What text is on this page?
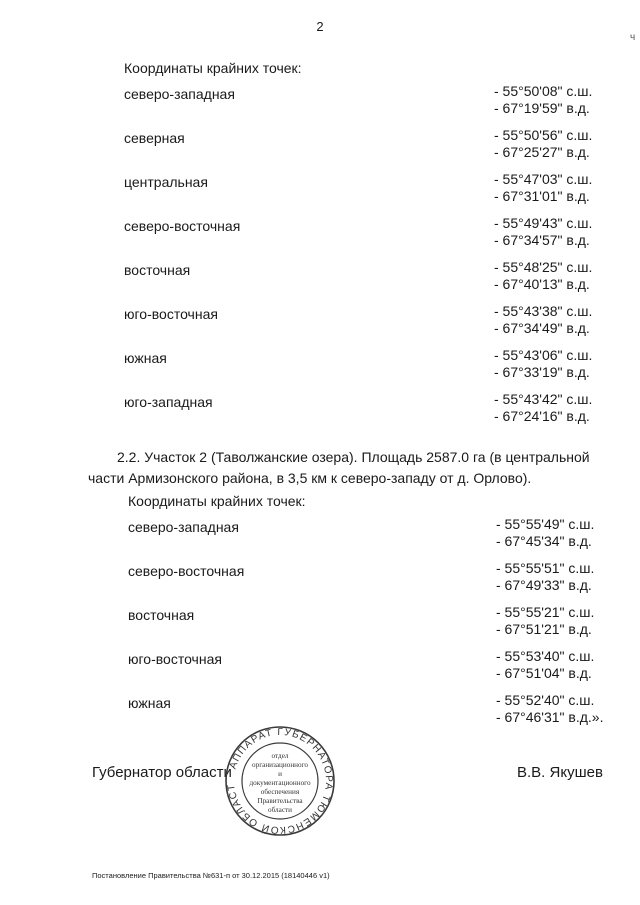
2
ч
Координаты крайних точек:
северо-западная	- 55°50'08" с.ш.
- 67°19'59" в.д.
северная	- 55°50'56" с.ш.
- 67°25'27" в.д.
центральная	- 55°47'03" с.ш.
- 67°31'01" в.д.
северо-восточная	- 55°49'43" с.ш.
- 67°34'57" в.д.
восточная	- 55°48'25" с.ш.
- 67°40'13" в.д.
юго-восточная	- 55°43'38" с.ш.
- 67°34'49" в.д.
южная	- 55°43'06" с.ш.
- 67°33'19" в.д.
юго-западная	- 55°43'42" с.ш.
- 67°24'16" в.д.
2.2. Участок 2 (Таволжанские озера). Площадь 2587.0 га (в центральной
части Армизонского района, в 3,5 км к северо-западу от д. Орлово).
Координаты крайних точек:
северо-западная	- 55°55'49" с.ш.
- 67°45'34" в.д.
северо-восточная	- 55°55'51" с.ш.
- 67°49'33" в.д.
восточная	- 55°55'21" с.ш.
- 67°51'21" в.д.
юго-восточная	- 55°53'40" с.ш.
- 67°51'04" в.д.
южная	- 55°52'40" с.ш.
- 67°46'31" в.д.».
Губернатор области
АППАРАТ ГУБЕРНАТОРА ТЮМЕНСКОЙ ОБЛАСТ
отдел
организационного
и
документационного
обеспечения
Правительства
области
В.В. Якушев
Постановление Правительства №631-п от 30.12.2015 (18140446 v1)
